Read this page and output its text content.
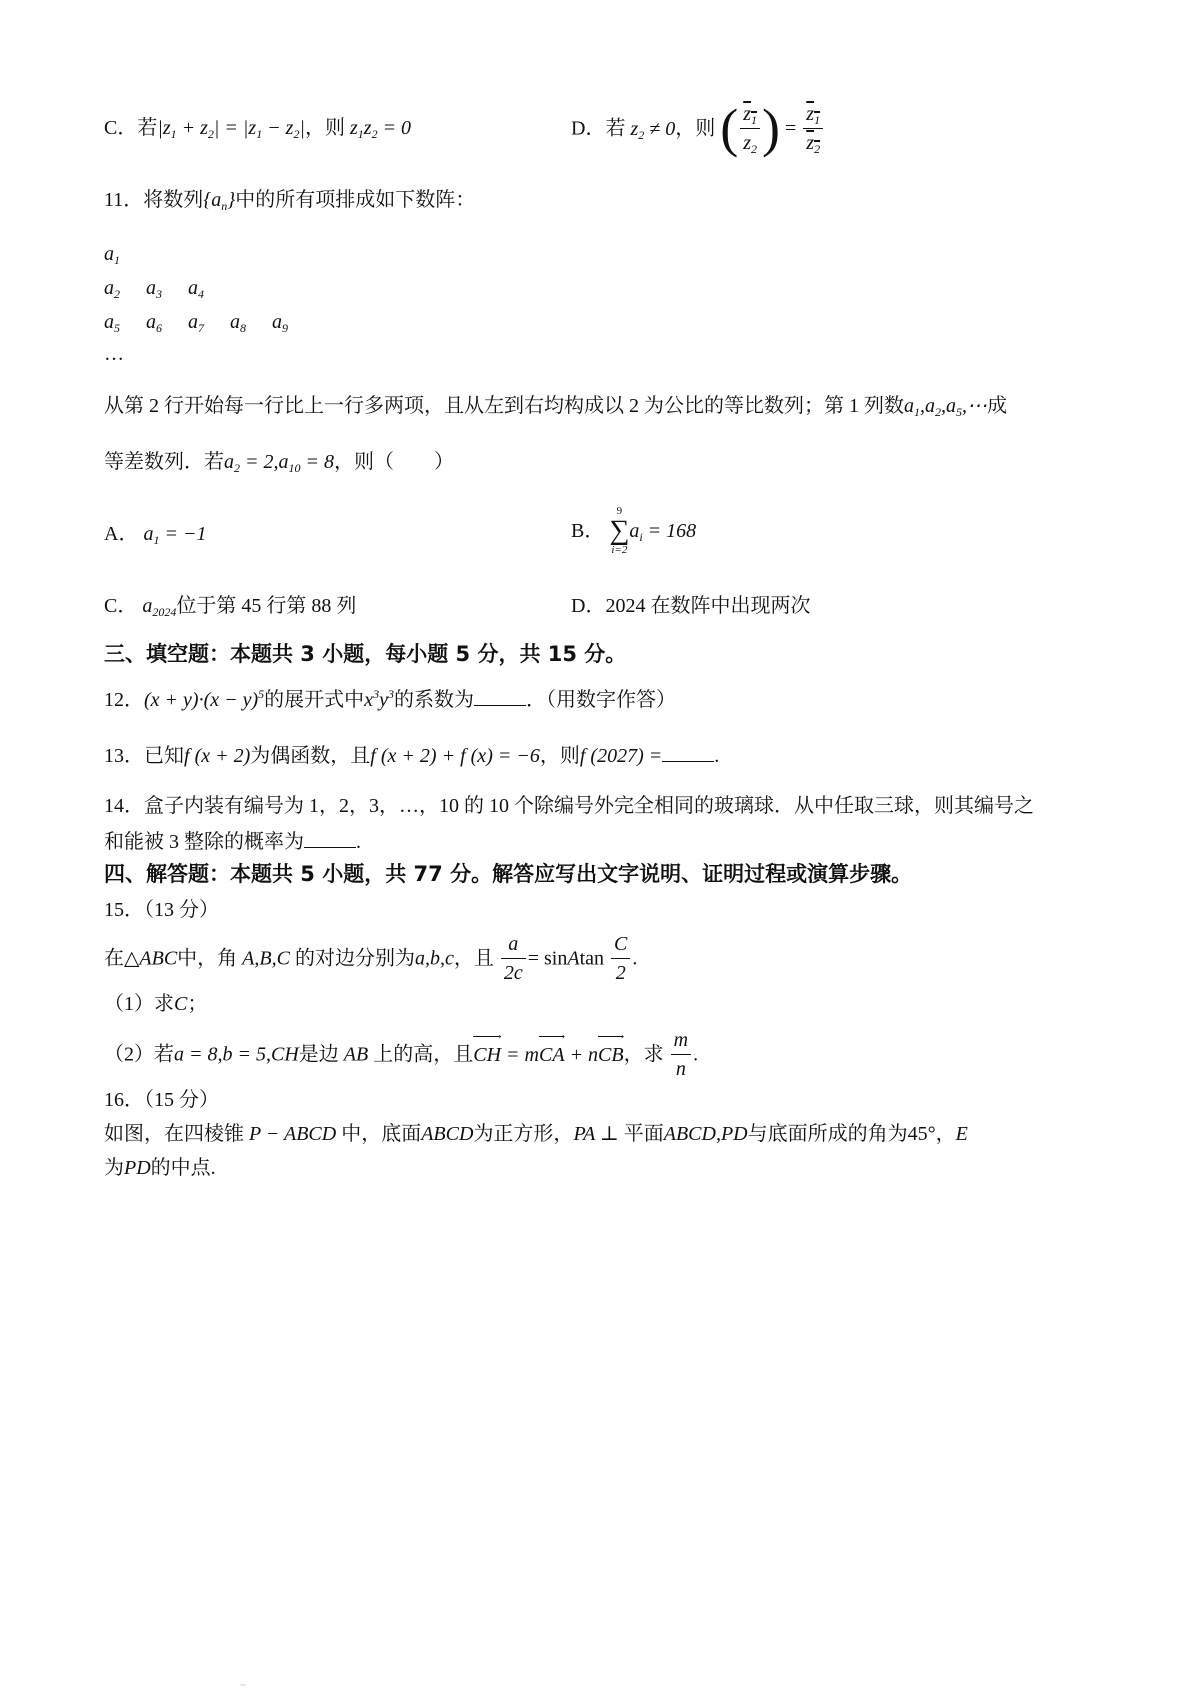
C．若$|z_1 + z_2| = |z_1 - z_2|$，则 $z_1z_2 = 0$	D．若 $z_2 \ne 0$，则 ( $\frac{z_1}{z_2}$ ) = $\frac{z_1}{z_2}$
11．将数列$\{a_n\}$中的所有项排成如下数阵：
$a_1$
$a_2$ $a_3$ $a_4$
$a_5$ $a_6$ $a_7$ $a_8$ $a_9$
…
从第 2 行开始每一行比上一行多两项，且从左到右均构成以 2 为公比的等比数列；第 1 列数$a_1,a_2,a_5,\cdots$成
等差数列．若$a_2 = 2,a_{10} = 8$，则（　　）
A． $a_1 = -1$	B．
9
∑
i=2
$a_i = 168$
C． $a_{2024}$位于第 45 行第 88 列	D．2024 在数阵中出现两次
三、填空题：本题共 3 小题，每小题 5 分，共 15 分。
12．$(x + y)\cdot(x - y)^5$的展开式中$x^3y^3$的系数为	．（用数字作答）
13．已知f (x + 2)为偶函数，且f (x + 2) + f (x) = −6，则f (2027) =	.
14．盒子内装有编号为 1，2，3，…，10 的 10 个除编号外完全相同的玻璃球．从中任取三球，则其编号之
和能被 3 整除的概率为	.
四、解答题：本题共 5 小题，共 77 分。解答应写出文字说明、证明过程或演算步骤。
15．（13 分）
在△ABC中，角 A,B,C 的对边分别为a,b,c，且 $\frac{a}{2c}$ = sinAtan $\frac{C}{2}$ .
（1）求C；
（2）若a = 8,b = 5,CH是边 AB 上的高，且→ CH = m→ CA + n→ CB，求 $\frac{m}{n}$ .
16．（15 分）
如图，在四棱锥 P − ABCD 中，底面ABCD为正方形，PA ⊥ 平面ABCD,PD与底面所成的角为45°，E
为PD的中点.
